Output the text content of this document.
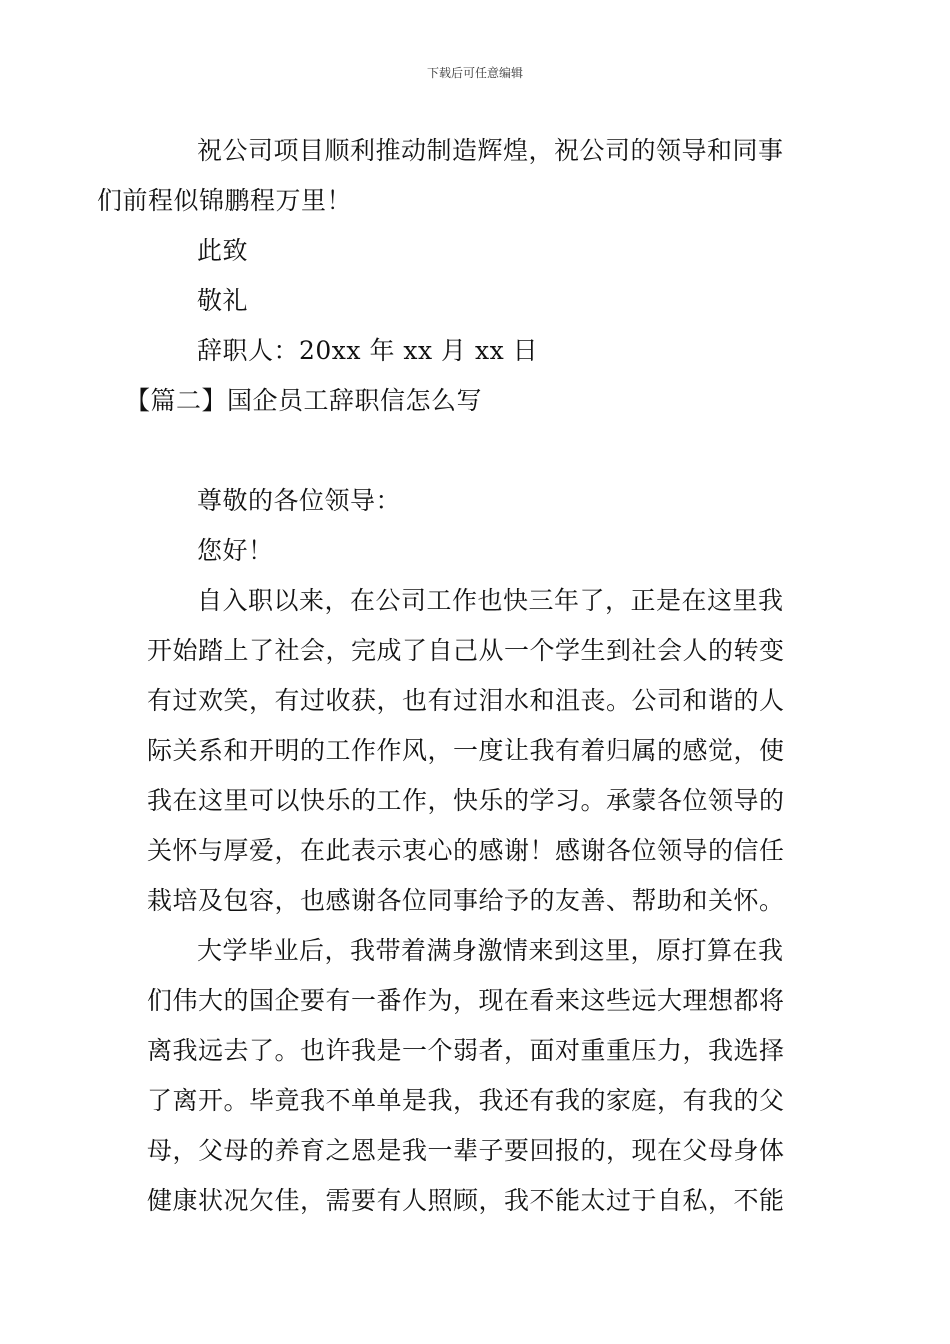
下载后可任意编辑

祝公司项目顺利推动制造辉煌，祝公司的领导和同事
们前程似锦鹏程万里！

此致

敬礼

辞职人：20xx 年 xx 月 xx 日

【篇二】国企员工辞职信怎么写

尊敬的各位领导：

您好！

自入职以来，在公司工作也快三年了，正是在这里我
开始踏上了社会，完成了自己从一个学生到社会人的转变
有过欢笑，有过收获，也有过泪水和沮丧。公司和谐的人
际关系和开明的工作作风，一度让我有着归属的感觉，使
我在这里可以快乐的工作，快乐的学习。承蒙各位领导的
关怀与厚爱，在此表示衷心的感谢！感谢各位领导的信任
栽培及包容，也感谢各位同事给予的友善、帮助和关怀。

大学毕业后，我带着满身激情来到这里，原打算在我
们伟大的国企要有一番作为，现在看来这些远大理想都将
离我远去了。也许我是一个弱者，面对重重压力，我选择
了离开。毕竟我不单单是我，我还有我的家庭，有我的父
母，父母的养育之恩是我一辈子要回报的，现在父母身体
健康状况欠佳，需要有人照顾，我不能太过于自私，不能
